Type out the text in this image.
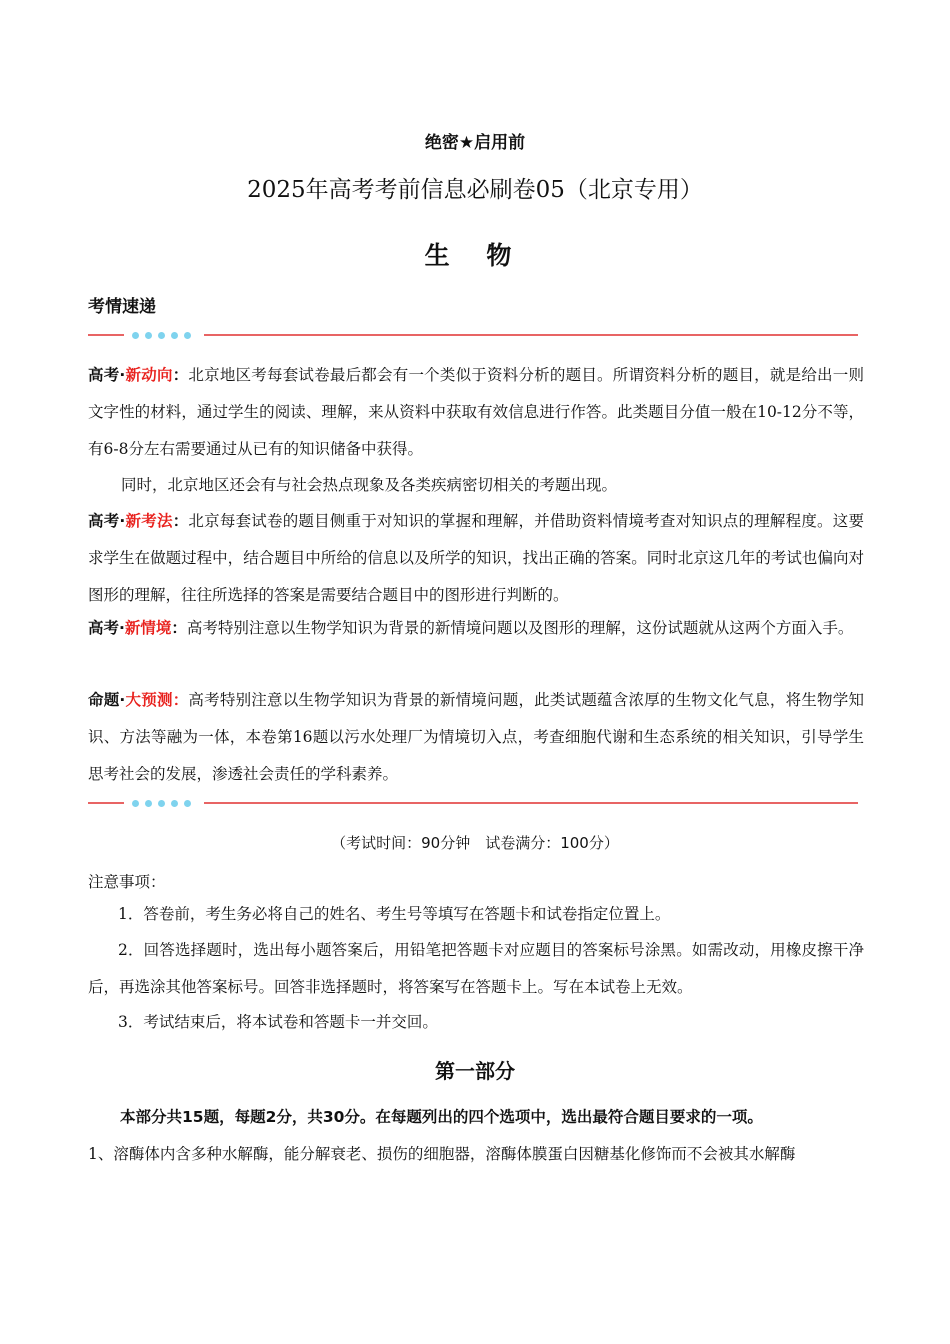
绝密★启用前
2025年高考考前信息必刷卷05（北京专用）
生 物
考情速递
高考·新动向：北京地区考每套试卷最后都会有一个类似于资料分析的题目。所谓资料分析的题目，就是给出一则文字性的材料，通过学生的阅读、理解，来从资料中获取有效信息进行作答。此类题目分值一般在10-12分不等，有6-8分左右需要通过从已有的知识储备中获得。
同时，北京地区还会有与社会热点现象及各类疾病密切相关的考题出现。
高考·新考法：北京每套试卷的题目侧重于对知识的掌握和理解，并借助资料情境考查对知识点的理解程度。这要求学生在做题过程中，结合题目中所给的信息以及所学的知识，找出正确的答案。同时北京这几年的考试也偏向对图形的理解，往往所选择的答案是需要结合题目中的图形进行判断的。
高考·新情境：高考特别注意以生物学知识为背景的新情境问题以及图形的理解，这份试题就从这两个方面入手。
命题·大预测：高考特别注意以生物学知识为背景的新情境问题，此类试题蕴含浓厚的生物文化气息，将生物学知识、方法等融为一体，本卷第16题以污水处理厂为情境切入点，考查细胞代谢和生态系统的相关知识，引导学生思考社会的发展，渗透社会责任的学科素养。
（考试时间：90分钟　试卷满分：100分）
注意事项：
1．答卷前，考生务必将自己的姓名、考生号等填写在答题卡和试卷指定位置上。
2．回答选择题时，选出每小题答案后，用铅笔把答题卡对应题目的答案标号涂黑。如需改动，用橡皮擦干净后，再选涂其他答案标号。回答非选择题时，将答案写在答题卡上。写在本试卷上无效。
3．考试结束后，将本试卷和答题卡一并交回。
第一部分
本部分共15题，每题2分，共30分。在每题列出的四个选项中，选出最符合题目要求的一项。
1、溶酶体内含多种水解酶，能分解衰老、损伤的细胞器，溶酶体膜蛋白因糖基化修饰而不会被其水解酶
